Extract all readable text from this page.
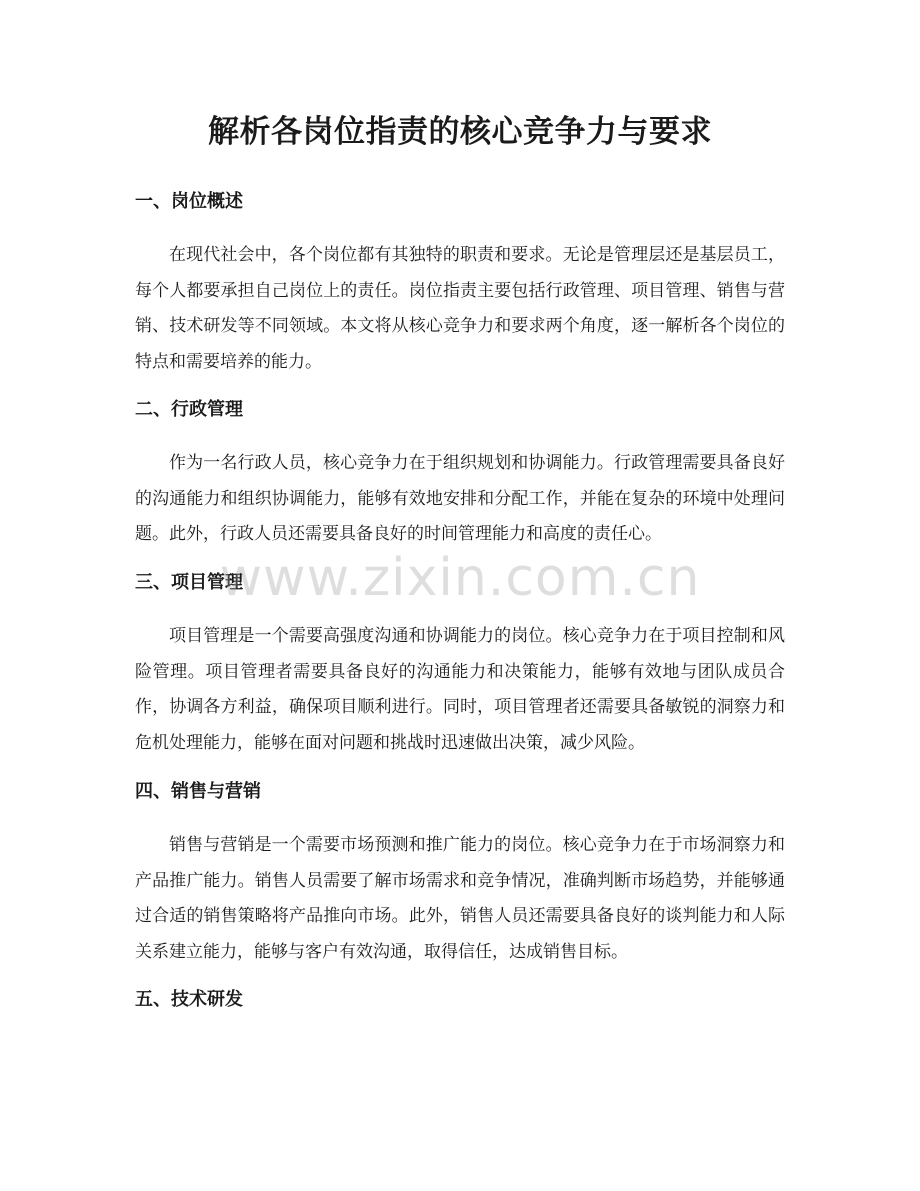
解析各岗位指责的核心竞争力与要求
一、岗位概述

在现代社会中，各个岗位都有其独特的职责和要求。无论是管理层还是基层员工，每个人都要承担自己岗位上的责任。岗位指责主要包括行政管理、项目管理、销售与营销、技术研发等不同领域。本文将从核心竞争力和要求两个角度，逐一解析各个岗位的特点和需要培养的能力。

二、行政管理

作为一名行政人员，核心竞争力在于组织规划和协调能力。行政管理需要具备良好的沟通能力和组织协调能力，能够有效地安排和分配工作，并能在复杂的环境中处理问题。此外，行政人员还需要具备良好的时间管理能力和高度的责任心。

三、项目管理

项目管理是一个需要高强度沟通和协调能力的岗位。核心竞争力在于项目控制和风险管理。项目管理者需要具备良好的沟通能力和决策能力，能够有效地与团队成员合作，协调各方利益，确保项目顺利进行。同时，项目管理者还需要具备敏锐的洞察力和危机处理能力，能够在面对问题和挑战时迅速做出决策，减少风险。

四、销售与营销

销售与营销是一个需要市场预测和推广能力的岗位。核心竞争力在于市场洞察力和产品推广能力。销售人员需要了解市场需求和竞争情况，准确判断市场趋势，并能够通过合适的销售策略将产品推向市场。此外，销售人员还需要具备良好的谈判能力和人际关系建立能力，能够与客户有效沟通，取得信任，达成销售目标。

五、技术研发
www.zixin.com.cn
